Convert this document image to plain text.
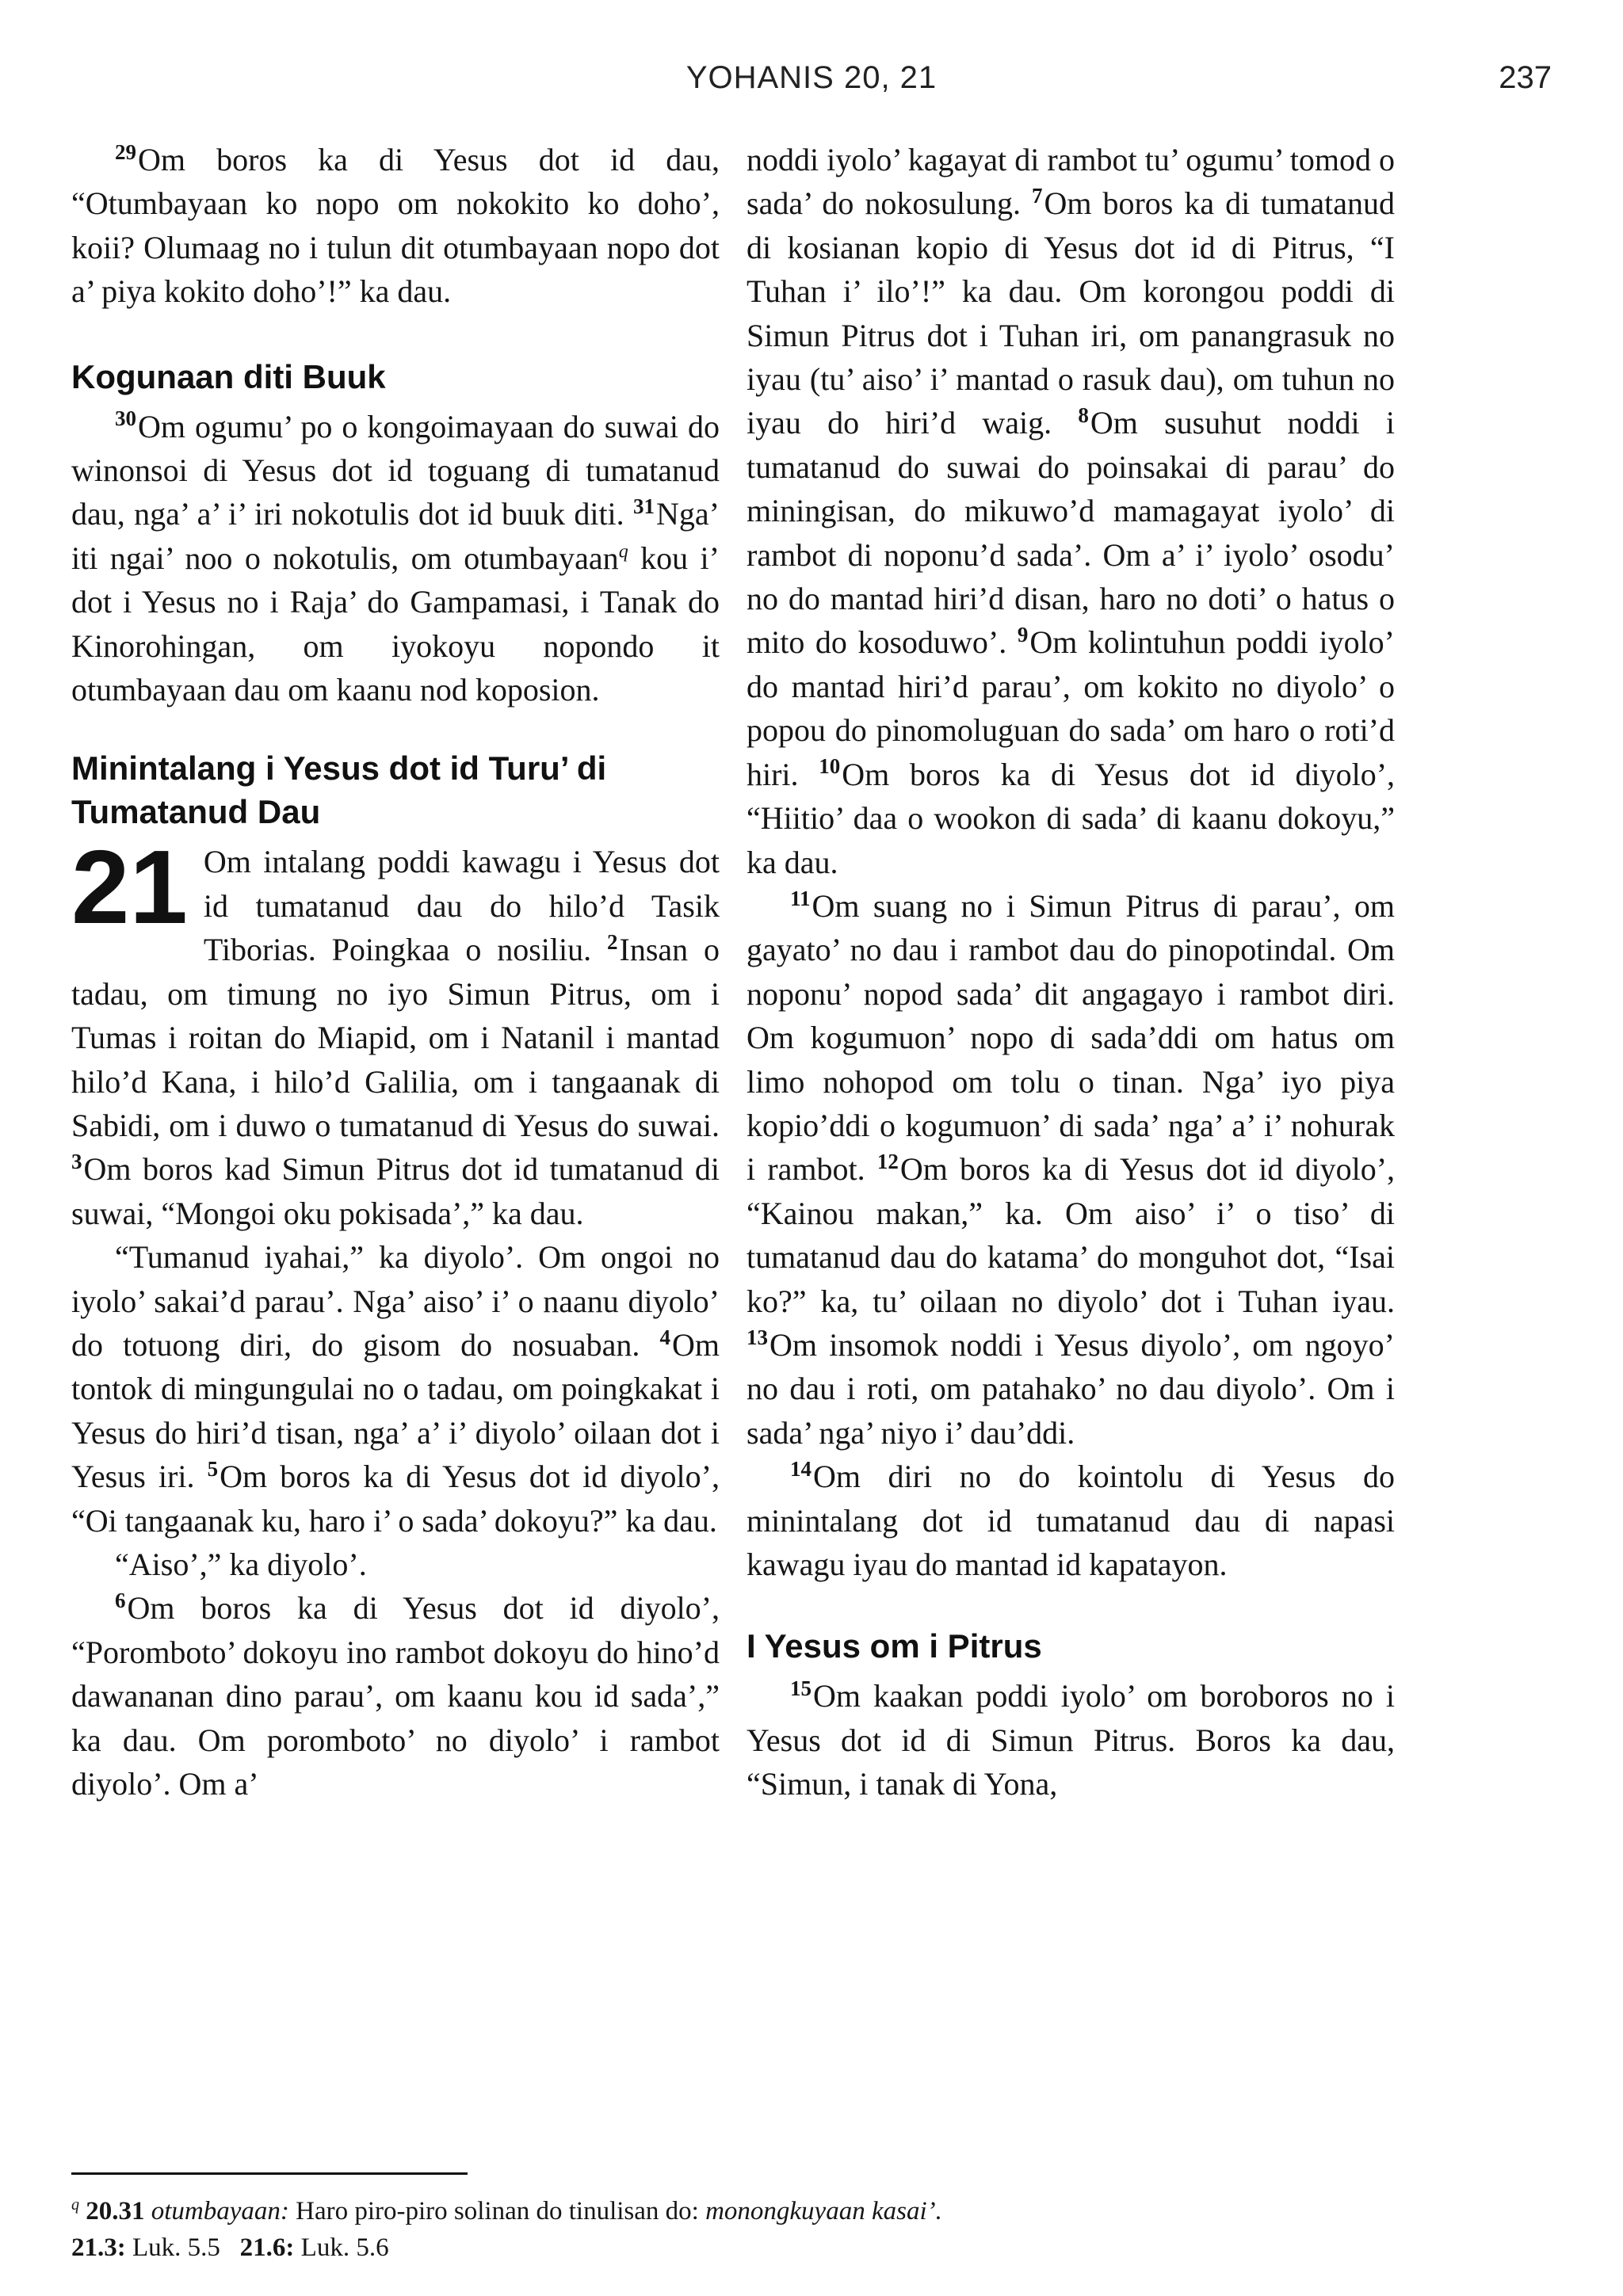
YOHANIS 20, 21	237

$^{29}$Om boros ka di Yesus dot id dau, “Otumbayaan ko nopo om nokokito ko doho’, koii? Olumaag no i tulun dit otumbayaan nopo dot a’ piya kokito doho’!” ka dau.

Kogunaan diti Buuk

$^{30}$Om ogumu’ po o kongoimayaan do suwai do winonsoi di Yesus dot id toguang di tumatanud dau, nga’ a’ i’ iri nokotulis dot id buuk diti. $^{31}$Nga’ iti ngai’ noo o nokotulis, om otumbayaan$^q$ kou i’ dot i Yesus no i Raja’ do Gampamasi, i Tanak do Kinorohingan, om iyokoyu nopondo it otumbayaan dau om kaanu nod koposion.

Minintalang i Yesus dot id Turu’ di Tumatanud Dau

21 Om intalang poddi kawagu i Yesus dot id tumatanud dau do hilo’d Tasik Tiborias. Poingkaa o nosiliu. $^2$Insan o tadau, om timung no iyo Simun Pitrus, om i Tumas i roitan do Miapid, om i Natanil i mantad hilo’d Kana, i hilo’d Galilia, om i tangaanak di Sabidi, om i duwo o tumatanud di Yesus do suwai. $^3$Om boros kad Simun Pitrus dot id tumatanud di suwai, “Mongoi oku pokisada’,” ka dau.

“Tumanud iyahai,” ka diyolo’. Om ongoi no iyolo’ sakai’d parau’. Nga’ aiso’ i’ o naanu diyolo’ do totuong diri, do gisom do nosuaban. $^4$Om tontok di mingungulai no o tadau, om poingkakat i Yesus do hiri’d tisan, nga’ a’ i’ diyolo’ oilaan dot i Yesus iri. $^5$Om boros ka di Yesus dot id diyolo’, “Oi tangaanak ku, haro i’ o sada’ dokoyu?” ka dau.

“Aiso’,” ka diyolo’.

$^6$Om boros ka di Yesus dot id diyolo’, “Poromboto’ dokoyu ino rambot dokoyu do hino’d dawananan dino parau’, om kaanu kou id sada’,” ka dau. Om poromboto’ no diyolo’ i rambot diyolo’. Om a’

noddi iyolo’ kagayat di rambot tu’ ogumu’ tomod o sada’ do nokosulung. $^7$Om boros ka di tumatanud di kosianan kopio di Yesus dot id di Pitrus, “I Tuhan i’ ilo’!” ka dau. Om korongou poddi di Simun Pitrus dot i Tuhan iri, om panangrasuk no iyau (tu’ aiso’ i’ mantad o rasuk dau), om tuhun no iyau do hiri’d waig. $^8$Om susuhut noddi i tumatanud do suwai do poinsakai di parau’ do miningisan, do mikuwo’d mamagayat iyolo’ di rambot di noponu’d sada’. Om a’ i’ iyolo’ osodu’ no do mantad hiri’d disan, haro no doti’ o hatus o mito do kosoduwo’. $^9$Om kolintuhun poddi iyolo’ do mantad hiri’d parau’, om kokito no diyolo’ o popou do pinomoluguan do sada’ om haro o roti’d hiri. $^{10}$Om boros ka di Yesus dot id diyolo’, “Hiitio’ daa o wookon di sada’ di kaanu dokoyu,” ka dau.

$^{11}$Om suang no i Simun Pitrus di parau’, om gayato’ no dau i rambot dau do pinopotindal. Om noponu’ nopod sada’ dit angagayo i rambot diri. Om kogumuon’ nopo di sada’ddi om hatus om limo nohopod om tolu o tinan. Nga’ iyo piya kopio’ddi o kogumuon’ di sada’ nga’ a’ i’ nohurak i rambot. $^{12}$Om boros ka di Yesus dot id diyolo’, “Kainou makan,” ka. Om aiso’ i’ o tiso’ di tumatanud dau do katama’ do monguhot dot, “Isai ko?” ka, tu’ oilaan no diyolo’ dot i Tuhan iyau. $^{13}$Om insomok noddi i Yesus diyolo’, om ngoyo’ no dau i roti, om patahako’ no dau diyolo’. Om i sada’ nga’ niyo i’ dau’ddi.

$^{14}$Om diri no do kointolu di Yesus do minintalang dot id tumatanud dau di napasi kawagu iyau do mantad id kapatayon.

I Yesus om i Pitrus

$^{15}$Om kaakan poddi iyolo’ om boroboros no i Yesus dot id di Simun Pitrus. Boros ka dau, “Simun, i tanak di Yona,

$^q$ 20.31 otumbayaan: Haro piro-piro solinan do tinulisan do: monongkuyaan kasai’.

21.3: Luk. 5.5 21.6: Luk. 5.6
